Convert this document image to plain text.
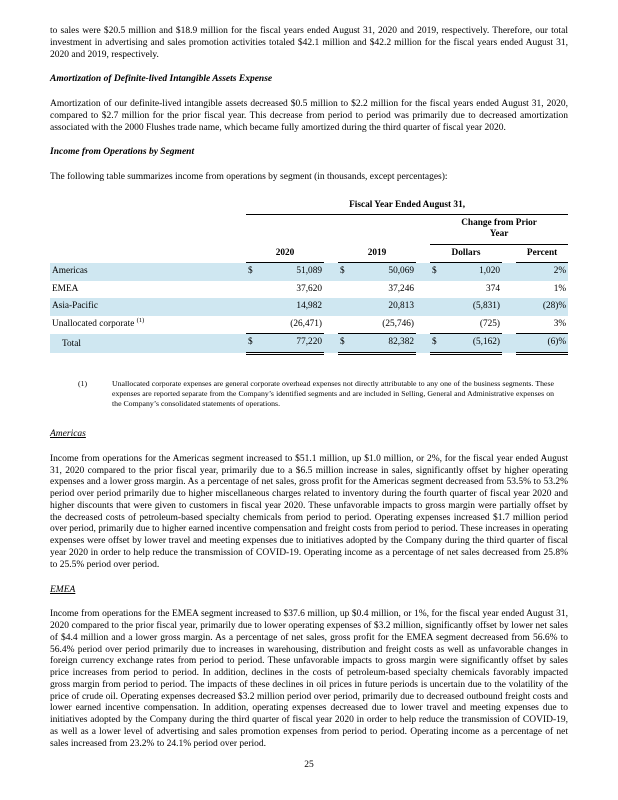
to sales were $20.5 million and $18.9 million for the fiscal years ended August 31, 2020 and 2019, respectively. Therefore, our total investment in advertising and sales promotion activities totaled $42.1 million and $42.2 million for the fiscal years ended August 31, 2020 and 2019, respectively.

Amortization of Definite-lived Intangible Assets Expense

Amortization of our definite-lived intangible assets decreased $0.5 million to $2.2 million for the fiscal years ended August 31, 2020, compared to $2.7 million for the prior fiscal year. This decrease from period to period was primarily due to decreased amortization associated with the 2000 Flushes trade name, which became fully amortized during the third quarter of fiscal year 2020.

Income from Operations by Segment

The following table summarizes income from operations by segment (in thousands, except percentages):

	Fiscal Year Ended August 31,									
							Change from Prior Year			
	2020			2019			Dollars			Percent
Americas	$	51,089		$	50,069		$	1,020		2%
EMEA		37,620			37,246			374		1%
Asia-Pacific		14,982			20,813			(5,831)		(28)%
Unallocated corporate $^{(1)}$		(26,471)			(25,746)			(725)		3%
Total	$	77,220		$	82,382		$	(5,162)		(6)%
(1)	Unallocated corporate expenses are general corporate overhead expenses not directly attributable to any one of the business segments. These expenses are reported separate from the Company’s identified segments and are included in Selling, General and Administrative expenses on the Company’s consolidated statements of operations.
Americas

Income from operations for the Americas segment increased to $51.1 million, up $1.0 million, or 2%, for the fiscal year ended August 31, 2020 compared to the prior fiscal year, primarily due to a $6.5 million increase in sales, significantly offset by higher operating expenses and a lower gross margin. As a percentage of net sales, gross profit for the Americas segment decreased from 53.5% to 53.2% period over period primarily due to higher miscellaneous charges related to inventory during the fourth quarter of fiscal year 2020 and higher discounts that were given to customers in fiscal year 2020. These unfavorable impacts to gross margin were partially offset by the decreased costs of petroleum-based specialty chemicals from period to period. Operating expenses increased $1.7 million period over period, primarily due to higher earned incentive compensation and freight costs from period to period. These increases in operating expenses were offset by lower travel and meeting expenses due to initiatives adopted by the Company during the third quarter of fiscal year 2020 in order to help reduce the transmission of COVID-19. Operating income as a percentage of net sales decreased from 25.8% to 25.5% period over period.

EMEA

Income from operations for the EMEA segment increased to $37.6 million, up $0.4 million, or 1%, for the fiscal year ended August 31, 2020 compared to the prior fiscal year, primarily due to lower operating expenses of $3.2 million, significantly offset by lower net sales of $4.4 million and a lower gross margin. As a percentage of net sales, gross profit for the EMEA segment decreased from 56.6% to 56.4% period over period primarily due to increases in warehousing, distribution and freight costs as well as unfavorable changes in foreign currency exchange rates from period to period. These unfavorable impacts to gross margin were significantly offset by sales price increases from period to period. In addition, declines in the costs of petroleum-based specialty chemicals favorably impacted gross margin from period to period. The impacts of these declines in oil prices in future periods is uncertain due to the volatility of the price of crude oil. Operating expenses decreased $3.2 million period over period, primarily due to decreased outbound freight costs and lower earned incentive compensation. In addition, operating expenses decreased due to lower travel and meeting expenses due to initiatives adopted by the Company during the third quarter of fiscal year 2020 in order to help reduce the transmission of COVID-19, as well as a lower level of advertising and sales promotion expenses from period to period. Operating income as a percentage of net sales increased from 23.2% to 24.1% period over period.

25
